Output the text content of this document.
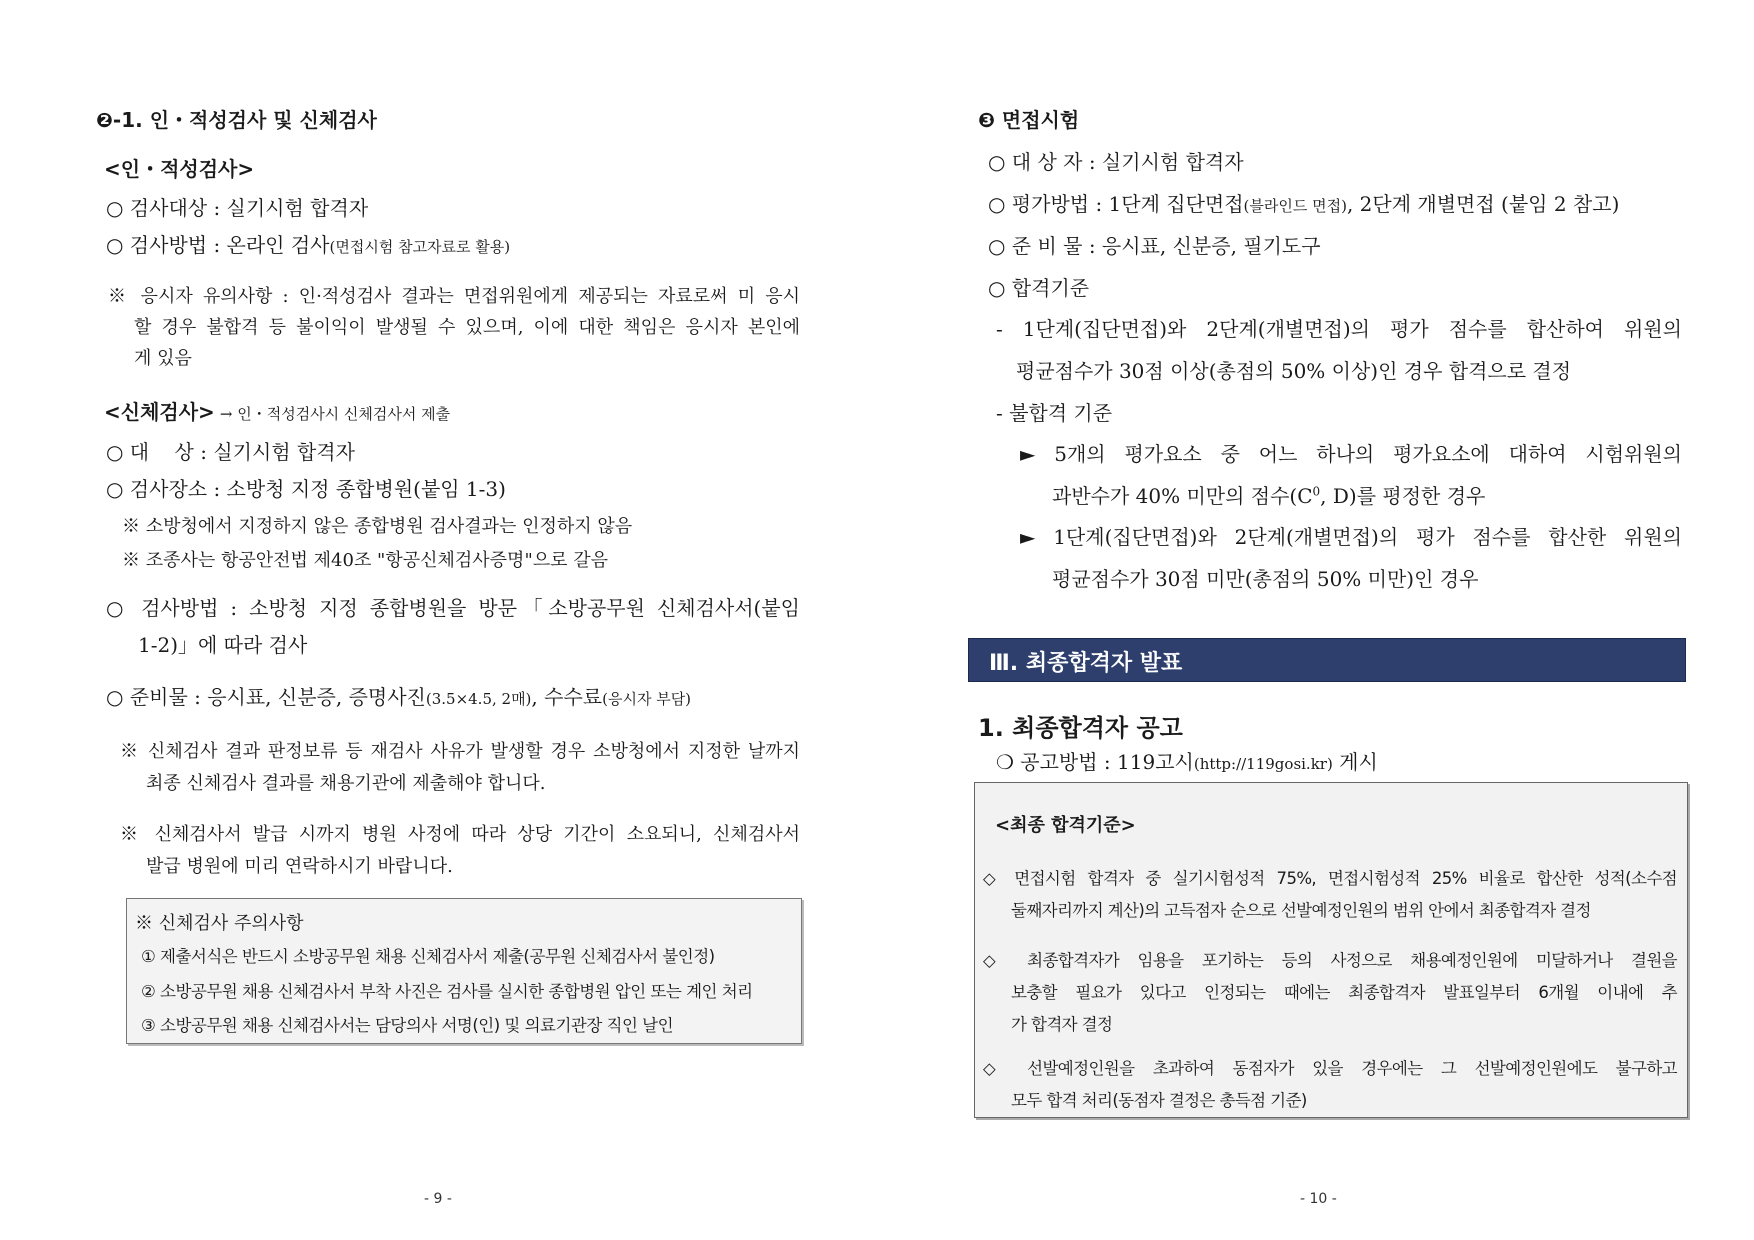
❷-1. 인・적성검사 및 신체검사
<인・적성검사>
○ 검사대상 : 실기시험 합격자
○ 검사방법 : 온라인 검사(면접시험 참고자료로 활용)
※ 응시자 유의사항 : 인·적성검사 결과는 면접위원에게 제공되는 자료로써 미 응시
할 경우 불합격 등 불이익이 발생될 수 있으며, 이에 대한 책임은 응시자 본인에
게 있음
<신체검사> → 인・적성검사시 신체검사서 제출
○ 대    상 : 실기시험 합격자
○ 검사장소 : 소방청 지정 종합병원(붙임 1-3)
※ 소방청에서 지정하지 않은 종합병원 검사결과는 인정하지 않음
※ 조종사는 항공안전법 제40조 "항공신체검사증명"으로 갈음
○ 검사방법 : 소방청 지정 종합병원을 방문「소방공무원 신체검사서(붙임
1-2)」에 따라 검사
○ 준비물 : 응시표, 신분증, 증명사진(3.5×4.5, 2매), 수수료(응시자 부담)
※ 신체검사 결과 판정보류 등 재검사 사유가 발생할 경우 소방청에서 지정한 날까지
최종 신체검사 결과를 채용기관에 제출해야 합니다.
※ 신체검사서 발급 시까지 병원 사정에 따라 상당 기간이 소요되니, 신체검사서
발급 병원에 미리 연락하시기 바랍니다.
※ 신체검사 주의사항
① 제출서식은 반드시 소방공무원 채용 신체검사서 제출(공무원 신체검사서 불인정)
② 소방공무원 채용 신체검사서 부착 사진은 검사를 실시한 종합병원 압인 또는 계인 처리
③ 소방공무원 채용 신체검사서는 담당의사 서명(인) 및 의료기관장 직인 날인
- 9 -
❸ 면접시험
○ 대 상 자 : 실기시험 합격자
○ 평가방법 : 1단계 집단면접(블라인드 면접), 2단계 개별면접 (붙임 2 참고)
○ 준 비 물 : 응시표, 신분증, 필기도구
○ 합격기준
- 1단계(집단면접)와 2단계(개별면접)의 평가 점수를 합산하여 위원의
평균점수가 30점 이상(총점의 50% 이상)인 경우 합격으로 결정
- 불합격 기준
► 5개의 평가요소 중 어느 하나의 평가요소에 대하여 시험위원의
과반수가 40% 미만의 점수($C^0$, D)를 평정한 경우
► 1단계(집단면접)와 2단계(개별면접)의 평가 점수를 합산한 위원의
평균점수가 30점 미만(총점의 50% 미만)인 경우
Ⅲ. 최종합격자 발표
1. 최종합격자 공고
❍ 공고방법 : 119고시(http://119gosi.kr) 게시
<최종 합격기준>
◇ 면접시험 합격자 중 실기시험성적 75%, 면접시험성적 25% 비율로 합산한 성적(소수점
둘째자리까지 계산)의 고득점자 순으로 선발예정인원의 범위 안에서 최종합격자 결정
◇ 최종합격자가 임용을 포기하는 등의 사정으로 채용예정인원에 미달하거나 결원을
보충할 필요가 있다고 인정되는 때에는 최종합격자 발표일부터 6개월 이내에 추
가 합격자 결정
◇ 선발예정인원을 초과하여 동점자가 있을 경우에는 그 선발예정인원에도 불구하고
모두 합격 처리(동점자 결정은 총득점 기준)
- 10 -
